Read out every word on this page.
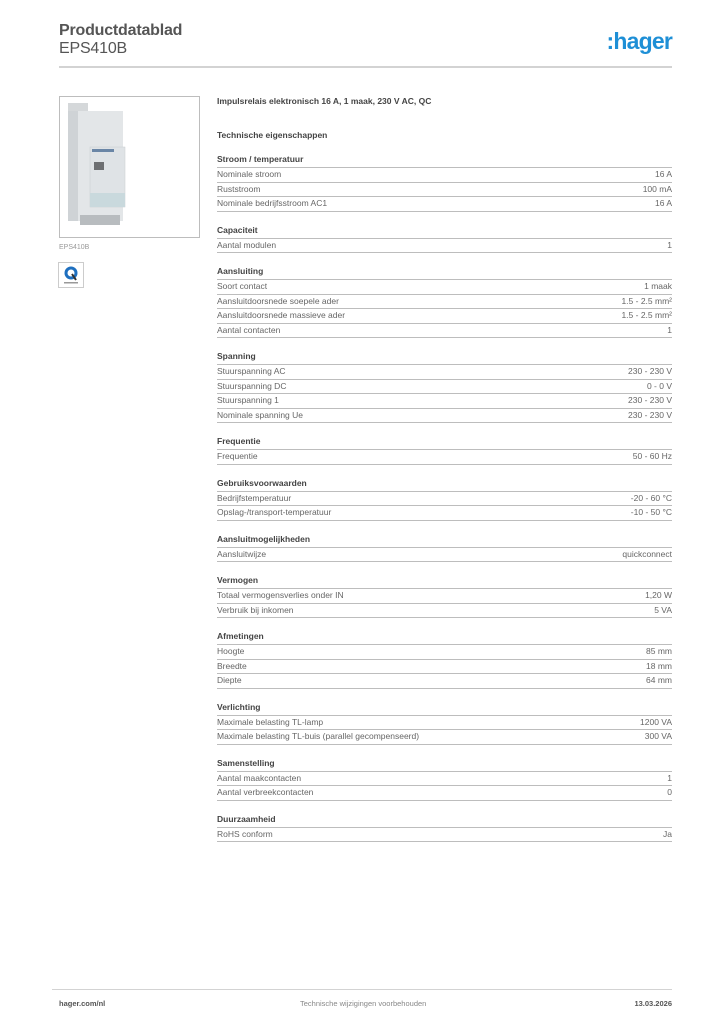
Productdatablad
EPS410B	:hager
EPS410B
Impulsrelais elektronisch 16 A, 1 maak, 230 V AC, QC
Technische eigenschappen
Stroom / temperatuur
Nominale stroom	16 A
Ruststroom	100 mA
Nominale bedrijfsstroom AC1	16 A
Capaciteit
Aantal modulen	1
Aansluiting
Soort contact	1 maak
Aansluitdoorsnede soepele ader	1.5 - 2.5 mm²
Aansluitdoorsnede massieve ader	1.5 - 2.5 mm²
Aantal contacten	1
Spanning
Stuurspanning AC	230 - 230 V
Stuurspanning DC	0 - 0 V
Stuurspanning 1	230 - 230 V
Nominale spanning Ue	230 - 230 V
Frequentie
Frequentie	50 - 60 Hz
Gebruiksvoorwaarden
Bedrijfstemperatuur	-20 - 60 °C
Opslag-/transport-temperatuur	-10 - 50 °C
Aansluitmogelijkheden
Aansluitwijze	quickconnect
Vermogen
Totaal vermogensverlies onder IN	1,20 W
Verbruik bij inkomen	5 VA
Afmetingen
Hoogte	85 mm
Breedte	18 mm
Diepte	64 mm
Verlichting
Maximale belasting TL-lamp	1200 VA
Maximale belasting TL-buis (parallel gecompenseerd)	300 VA
Samenstelling
Aantal maakcontacten	1
Aantal verbreekcontacten	0
Duurzaamheid
RoHS conform	Ja
hager.com/nl	Technische wijzigingen voorbehouden	13.03.2026
